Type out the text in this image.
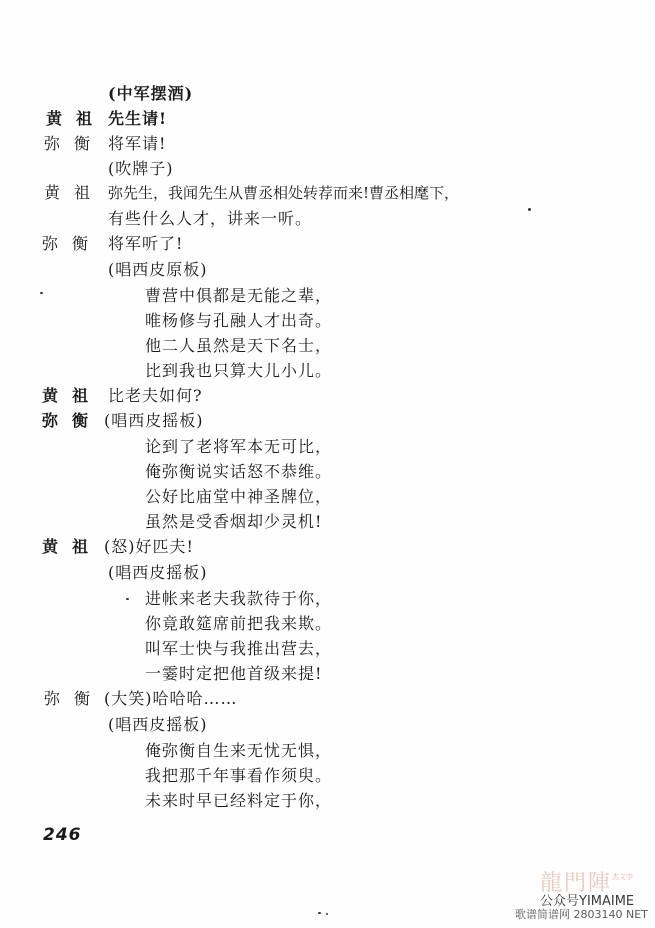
(中军摆酒)
黄祖 先生请!
弥衡 将军请!
(吹牌子)
黄祖 弥先生，我闻先生从曹丞相处转荐而来!曹丞相麾下，
有些什么人才，讲来一听。
弥衡 将军听了!
(唱西皮原板)
曹营中俱都是无能之辈，
唯杨修与孔融人才出奇。
他二人虽然是天下名士，
比到我也只算大儿小儿。
黄祖 比老夫如何?
弥衡 (唱西皮摇板)
论到了老将军本无可比，
俺弥衡说实话怒不恭维。
公好比庙堂中神圣牌位，
虽然是受香烟却少灵机!
黄祖 (怒)好匹夫!
(唱西皮摇板)
进帐来老夫我款待于你，
你竟敢筵席前把我来欺。
叫军士快与我推出营去，
一霎时定把他首级来提!
弥衡 (大笑)哈哈哈……
(唱西皮摇板)
俺弥衡自生来无忧无惧，
我把那千年事看作须臾。
未来时早已经料定于你，
246
龍門陣 杰文学
公众号YIMAIME
歌谱简谱网 2803140 NET
